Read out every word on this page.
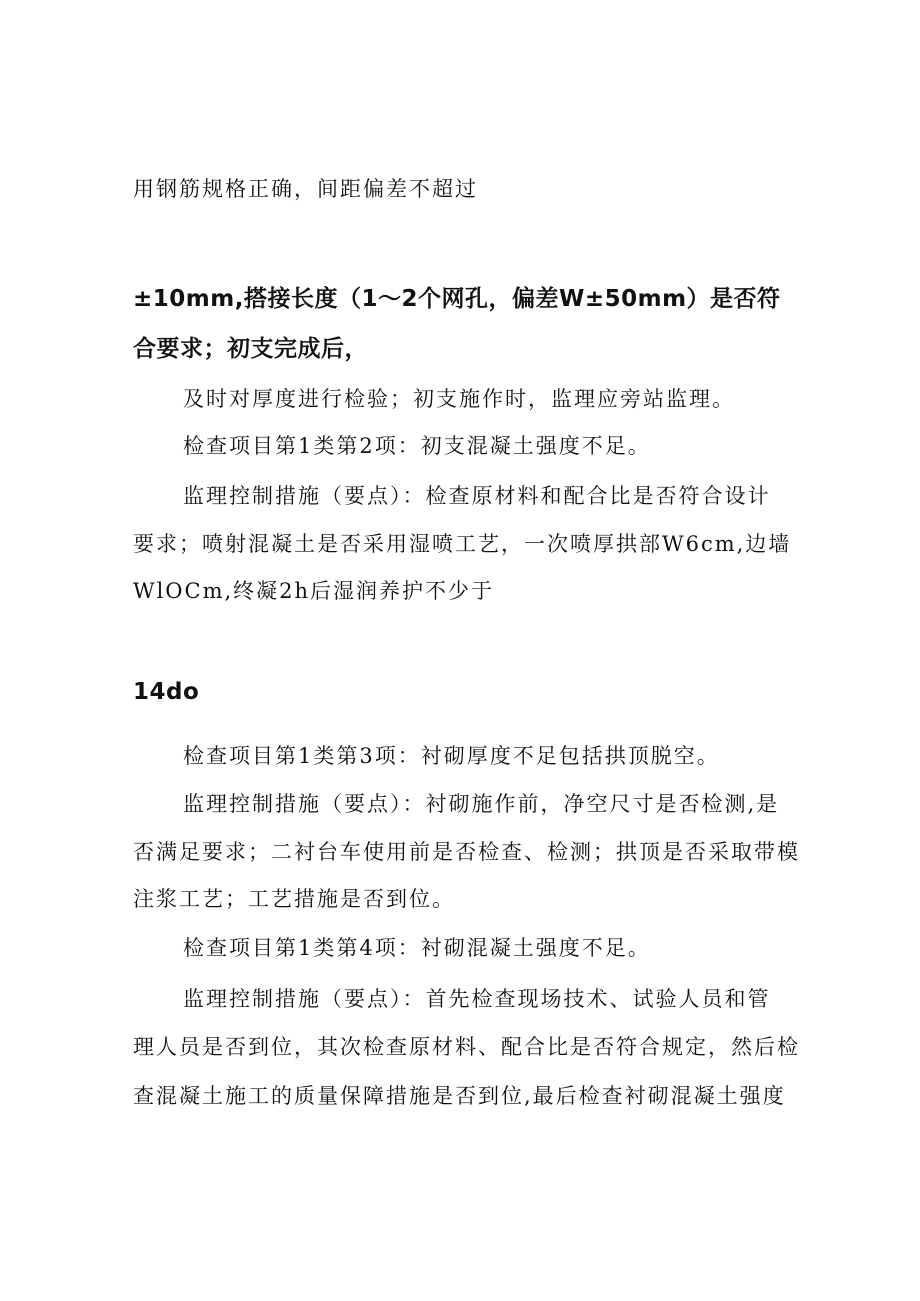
用钢筋规格正确，间距偏差不超过
±10mm,搭接长度（1～2个网孔，偏差W±50mm）是否符
合要求；初支完成后，
及时对厚度进行检验；初支施作时，监理应旁站监理。
检查项目第1类第2项：初支混凝土强度不足。
监理控制措施（要点）：检查原材料和配合比是否符合设计
要求；喷射混凝土是否采用湿喷工艺，一次喷厚拱部W6cm,边墙
WlOCm,终凝2h后湿润养护不少于
14do
检查项目第1类第3项：衬砌厚度不足包括拱顶脱空。
监理控制措施（要点）：衬砌施作前，净空尺寸是否检测,是
否满足要求；二衬台车使用前是否检查、检测；拱顶是否采取带模
注浆工艺；工艺措施是否到位。
检查项目第1类第4项：衬砌混凝土强度不足。
监理控制措施（要点）：首先检查现场技术、试验人员和管
理人员是否到位，其次检查原材料、配合比是否符合规定，然后检
查混凝土施工的质量保障措施是否到位,最后检查衬砌混凝土强度
